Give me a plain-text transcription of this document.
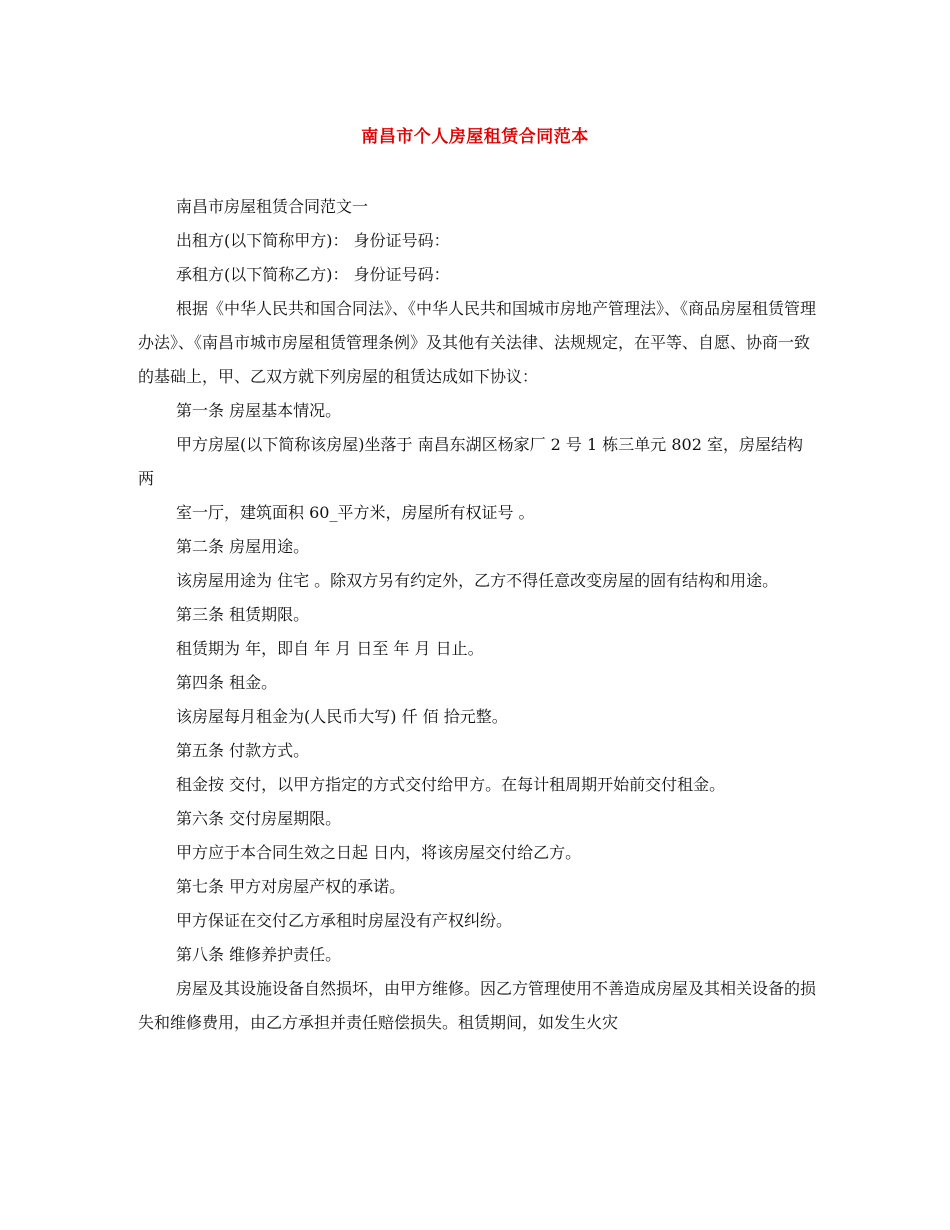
南昌市个人房屋租赁合同范本

南昌市房屋租赁合同范文一

出租方(以下简称甲方)： 身份证号码：

承租方(以下简称乙方)： 身份证号码：

根据《中华人民共和国合同法》、《中华人民共和国城市房地产管理法》、《商品房屋租赁管理办法》、《南昌市城市房屋租赁管理条例》及其他有关法律、法规规定，在平等、自愿、协商一致的基础上，甲、乙双方就下列房屋的租赁达成如下协议：

第一条 房屋基本情况。

甲方房屋(以下简称该房屋)坐落于 南昌东湖区杨家厂 2 号 1 栋三单元 802 室，房屋结构 两

室一厅，建筑面积 60_平方米，房屋所有权证号 。

第二条 房屋用途。

该房屋用途为 住宅 。除双方另有约定外，乙方不得任意改变房屋的固有结构和用途。

第三条 租赁期限。

租赁期为 年，即自 年 月 日至 年 月 日止。

第四条 租金。

该房屋每月租金为(人民币大写) 仟 佰 拾元整。

第五条 付款方式。

租金按 交付，以甲方指定的方式交付给甲方。在每计租周期开始前交付租金。

第六条 交付房屋期限。

甲方应于本合同生效之日起 日内，将该房屋交付给乙方。

第七条 甲方对房屋产权的承诺。

甲方保证在交付乙方承租时房屋没有产权纠纷。

第八条 维修养护责任。

房屋及其设施设备自然损坏，由甲方维修。因乙方管理使用不善造成房屋及其相关设备的损失和维修费用，由乙方承担并责任赔偿损失。租赁期间，如发生火灾
